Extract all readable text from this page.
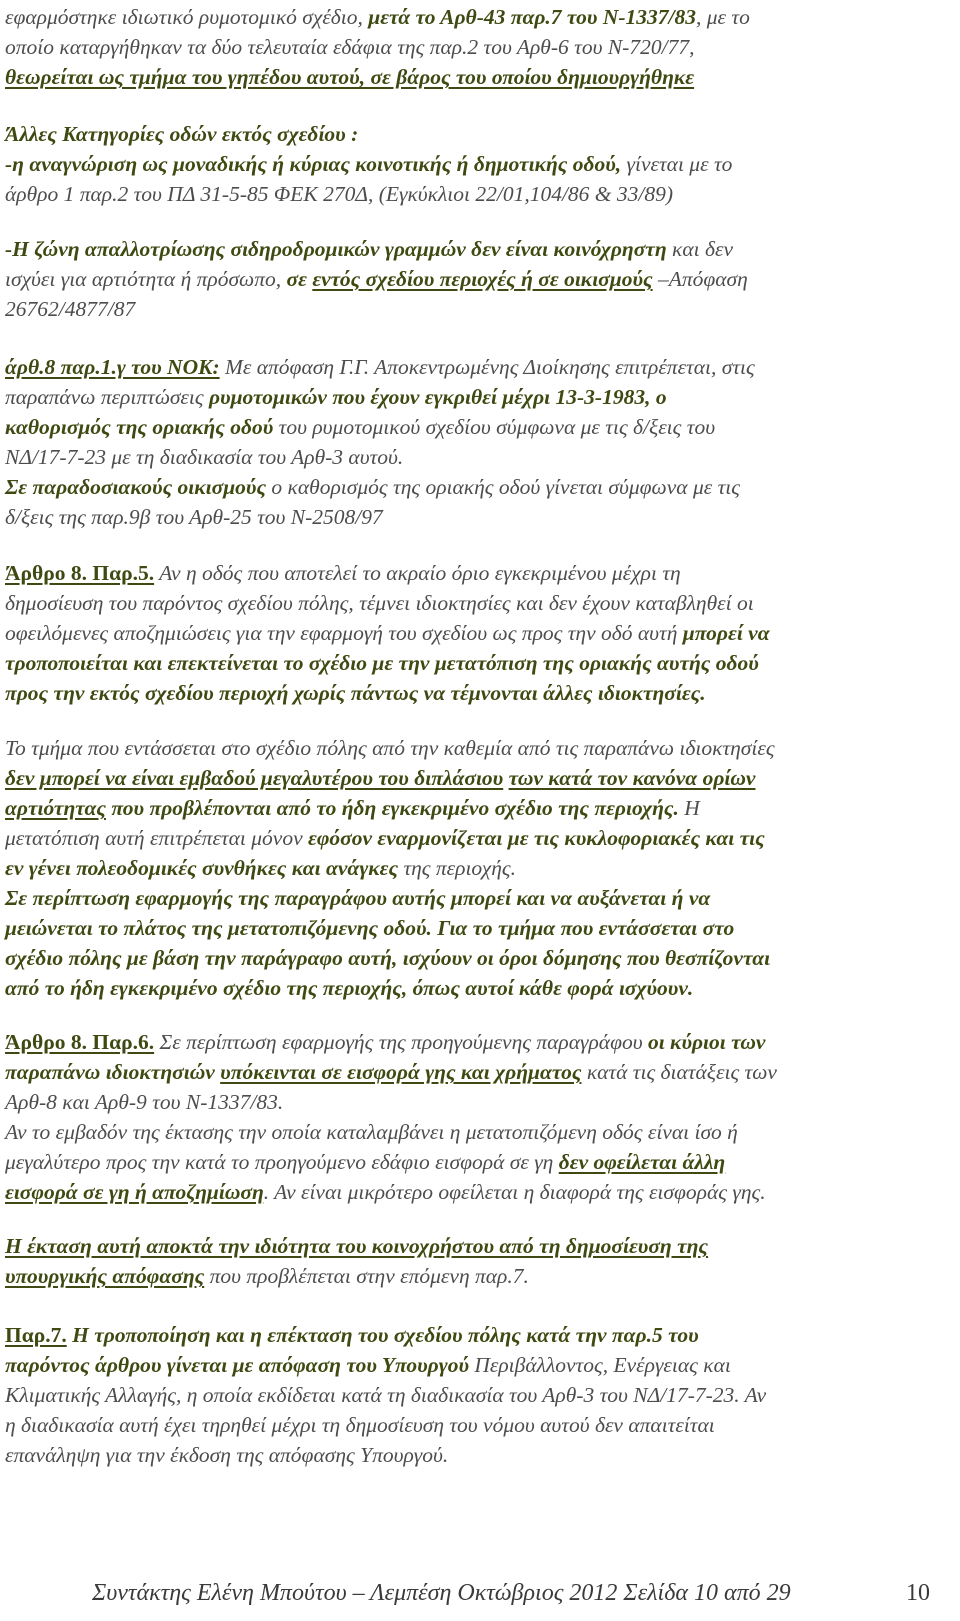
εφαρμόστηκε ιδιωτικό ρυμοτομικό σχέδιο, μετά το Αρθ-43 παρ.7 του Ν-1337/83, με το
οποίο καταργήθηκαν τα δύο τελευταία εδάφια της παρ.2 του Αρθ-6 του Ν-720/77,
θεωρείται ως τμήμα του γηπέδου αυτού, σε βάρος του οποίου δημιουργήθηκε
Άλλες Κατηγορίες οδών εκτός σχεδίου :
-η αναγνώριση ως μοναδικής ή κύριας κοινοτικής ή δημοτικής οδού, γίνεται με το
άρθρο 1 παρ.2 του ΠΔ 31-5-85 ΦΕΚ 270Δ, (Εγκύκλιοι 22/01,104/86 & 33/89)
-Η ζώνη απαλλοτρίωσης σιδηροδρομικών γραμμών δεν είναι κοινόχρηστη και δεν
ισχύει για αρτιότητα ή πρόσωπο, σε εντός σχεδίου περιοχές ή σε οικισμούς –Απόφαση
26762/4877/87
άρθ.8 παρ.1.γ του ΝΟΚ: Με απόφαση Γ.Γ. Αποκεντρωμένης Διοίκησης επιτρέπεται, στις
παραπάνω περιπτώσεις ρυμοτομικών που έχουν εγκριθεί μέχρι 13-3-1983, ο
καθορισμός της οριακής οδού του ρυμοτομικού σχεδίου σύμφωνα με τις δ/ξεις του
ΝΔ/17-7-23 με τη διαδικασία του Αρθ-3 αυτού.
Σε παραδοσιακούς οικισμούς ο καθορισμός της οριακής οδού γίνεται σύμφωνα με τις
δ/ξεις της παρ.9β του Αρθ-25 του Ν-2508/97
Άρθρο 8. Παρ.5. Αν η οδός που αποτελεί το ακραίο όριο εγκεκριμένου μέχρι τη
δημοσίευση του παρόντος σχεδίου πόλης, τέμνει ιδιοκτησίες και δεν έχουν καταβληθεί οι
οφειλόμενες αποζημιώσεις για την εφαρμογή του σχεδίου ως προς την οδό αυτή μπορεί να
τροποποιείται και επεκτείνεται το σχέδιο με την μετατόπιση της οριακής αυτής οδού
προς την εκτός σχεδίου περιοχή χωρίς πάντως να τέμνονται άλλες ιδιοκτησίες.
Το τμήμα που εντάσσεται στο σχέδιο πόλης από την καθεμία από τις παραπάνω ιδιοκτησίες
δεν μπορεί να είναι εμβαδού μεγαλυτέρου του διπλάσιου των κατά τον κανόνα ορίων
αρτιότητας που προβλέπονται από το ήδη εγκεκριμένο σχέδιο της περιοχής. Η
μετατόπιση αυτή επιτρέπεται μόνον εφόσον εναρμονίζεται με τις κυκλοφοριακές και τις
εν γένει πολεοδομικές συνθήκες και ανάγκες της περιοχής.
Σε περίπτωση εφαρμογής της παραγράφου αυτής μπορεί και να αυξάνεται ή να
μειώνεται το πλάτος της μετατοπιζόμενης οδού. Για το τμήμα που εντάσσεται στο
σχέδιο πόλης με βάση την παράγραφο αυτή, ισχύουν οι όροι δόμησης που θεσπίζονται
από το ήδη εγκεκριμένο σχέδιο της περιοχής, όπως αυτοί κάθε φορά ισχύουν.
Άρθρο 8. Παρ.6. Σε περίπτωση εφαρμογής της προηγούμενης παραγράφου οι κύριοι των
παραπάνω ιδιοκτησιών υπόκεινται σε εισφορά γης και χρήματος κατά τις διατάξεις των
Αρθ-8 και Αρθ-9 του Ν-1337/83.
Αν το εμβαδόν της έκτασης την οποία καταλαμβάνει η μετατοπιζόμενη οδός είναι ίσο ή
μεγαλύτερο προς την κατά το προηγούμενο εδάφιο εισφορά σε γη δεν οφείλεται άλλη
εισφορά σε γη ή αποζημίωση. Αν είναι μικρότερο οφείλεται η διαφορά της εισφοράς γης.
Η έκταση αυτή αποκτά την ιδιότητα του κοινοχρήστου από τη δημοσίευση της
υπουργικής απόφασης που προβλέπεται στην επόμενη παρ.7.
Παρ.7. Η τροποποίηση και η επέκταση του σχεδίου πόλης κατά την παρ.5 του
παρόντος άρθρου γίνεται με απόφαση του Υπουργού Περιβάλλοντος, Ενέργειας και
Κλιματικής Αλλαγής, η οποία εκδίδεται κατά τη διαδικασία του Αρθ-3 του ΝΔ/17-7-23. Αν
η διαδικασία αυτή έχει τηρηθεί μέχρι τη δημοσίευση του νόμου αυτού δεν απαιτείται
επανάληψη για την έκδοση της απόφασης Υπουργού.
Συντάκτης Ελένη Μπούτου – Λεμπέση Οκτώβριος 2012 Σελίδα 10 από 29	10
